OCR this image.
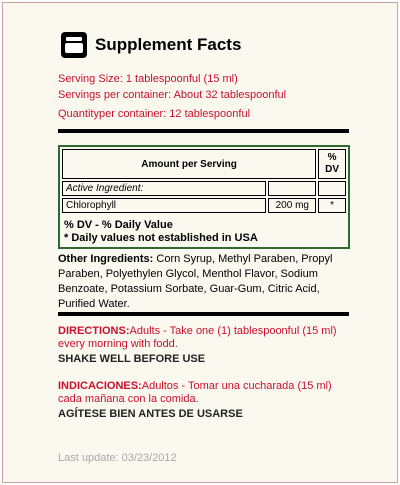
Supplement Facts
Serving Size: 1 tablespoonful (15 ml)
Servings per container: About 32 tablespoonful
Quantityper container: 12 tablespoonful
Amount per Serving		%
DV
Active Ingredient:		
Chlorophyll	200 mg	*
% DV - % Daily Value
* Daily values not established in USA
Other Ingredients: Corn Syrup, Methyl Paraben, Propyl Paraben, Polyethylen Glycol, Menthol Flavor, Sodium Benzoate, Potassium Sorbate, Guar-Gum, Citric Acid, Purified Water.
DIRECTIONS:Adults - Take one (1) tablespoonful (15 ml) every morning with fodd.
SHAKE WELL BEFORE USE
INDICACIONES:Adultos - Tomar una cucharada (15 ml) cada mañana con la comida.
AGÍTESE BIEN ANTES DE USARSE
Last update: 03/23/2012
